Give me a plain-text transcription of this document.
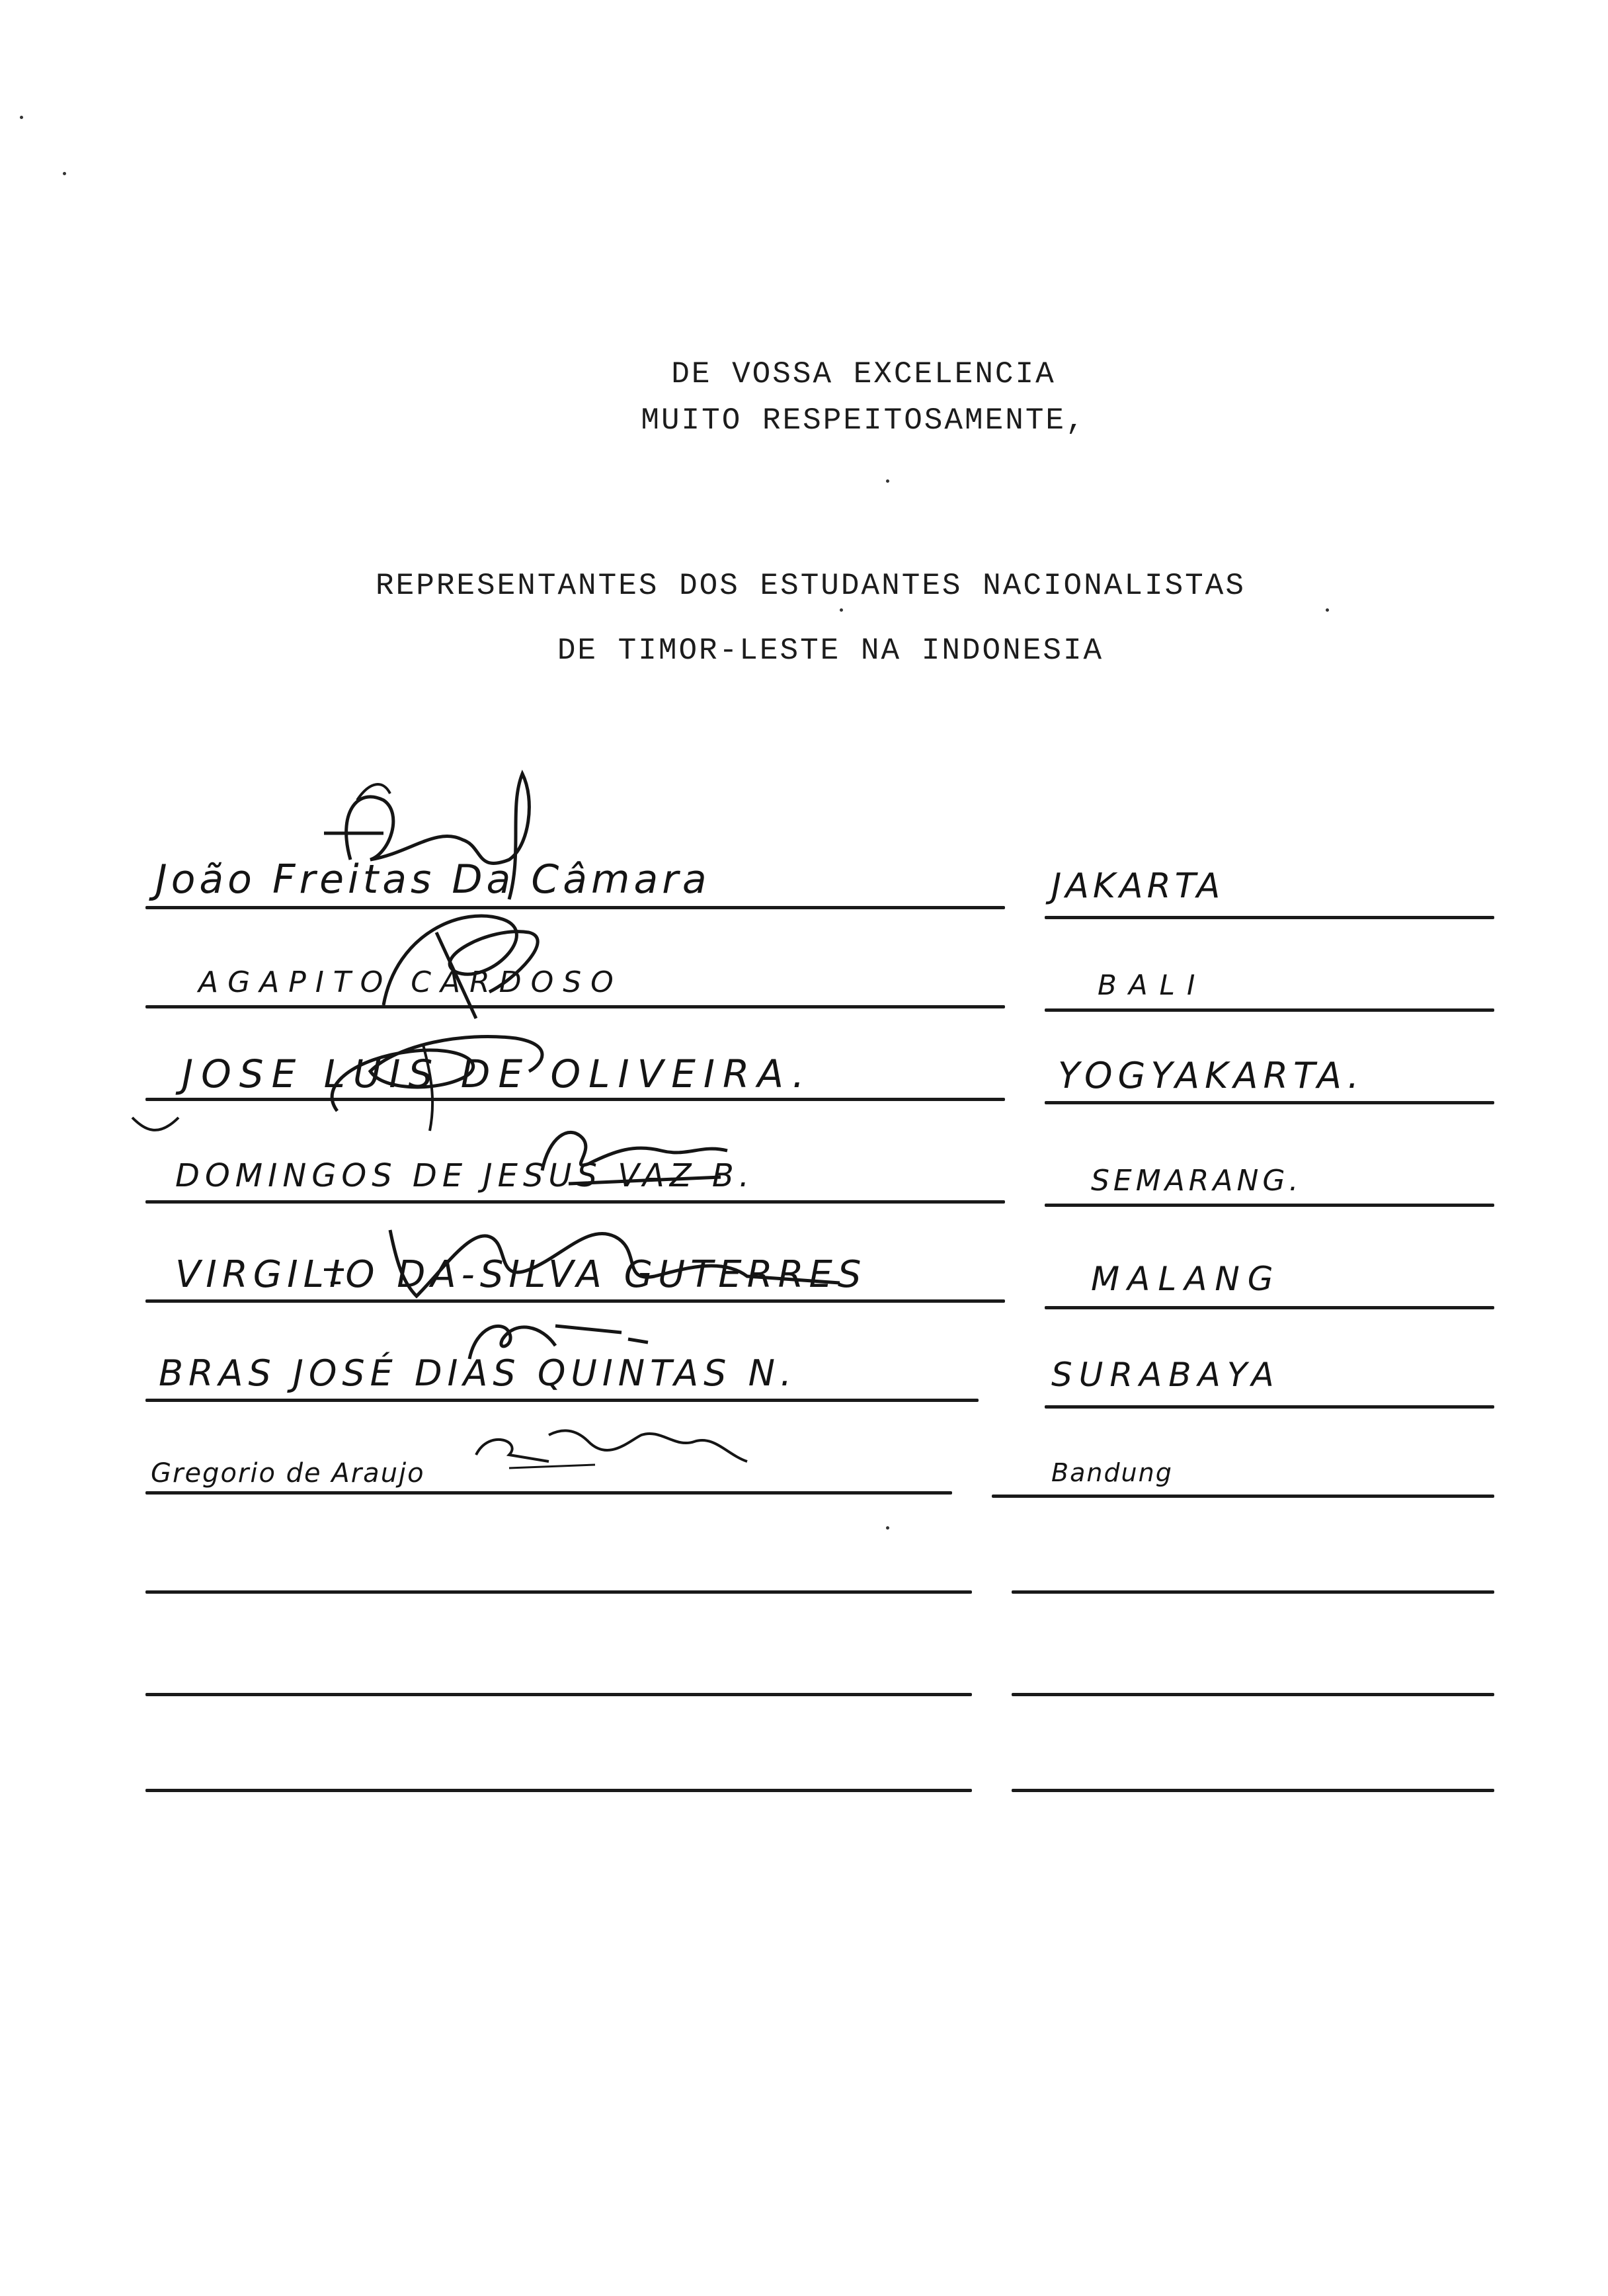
DE VOSSA EXCELENCIA
MUITO RESPEITOSAMENTE,
REPRESENTANTES DOS ESTUDANTES NACIONALISTAS
DE TIMOR-LESTE NA INDONESIA
João Freitas Da Câmara
AGAPITO CARDOSO
JOSE LUIS DE OLIVEIRA.
DOMINGOS DE JESUS VAZ B.
VIRGILIO DA-SILVA GUTERRES
BRAS JOSÉ DIAS QUINTAS N.
Gregorio de Araujo
JAKARTA
BALI
YOGYAKARTA.
SEMARANG.
MALANG
SURABAYA
Bandung
